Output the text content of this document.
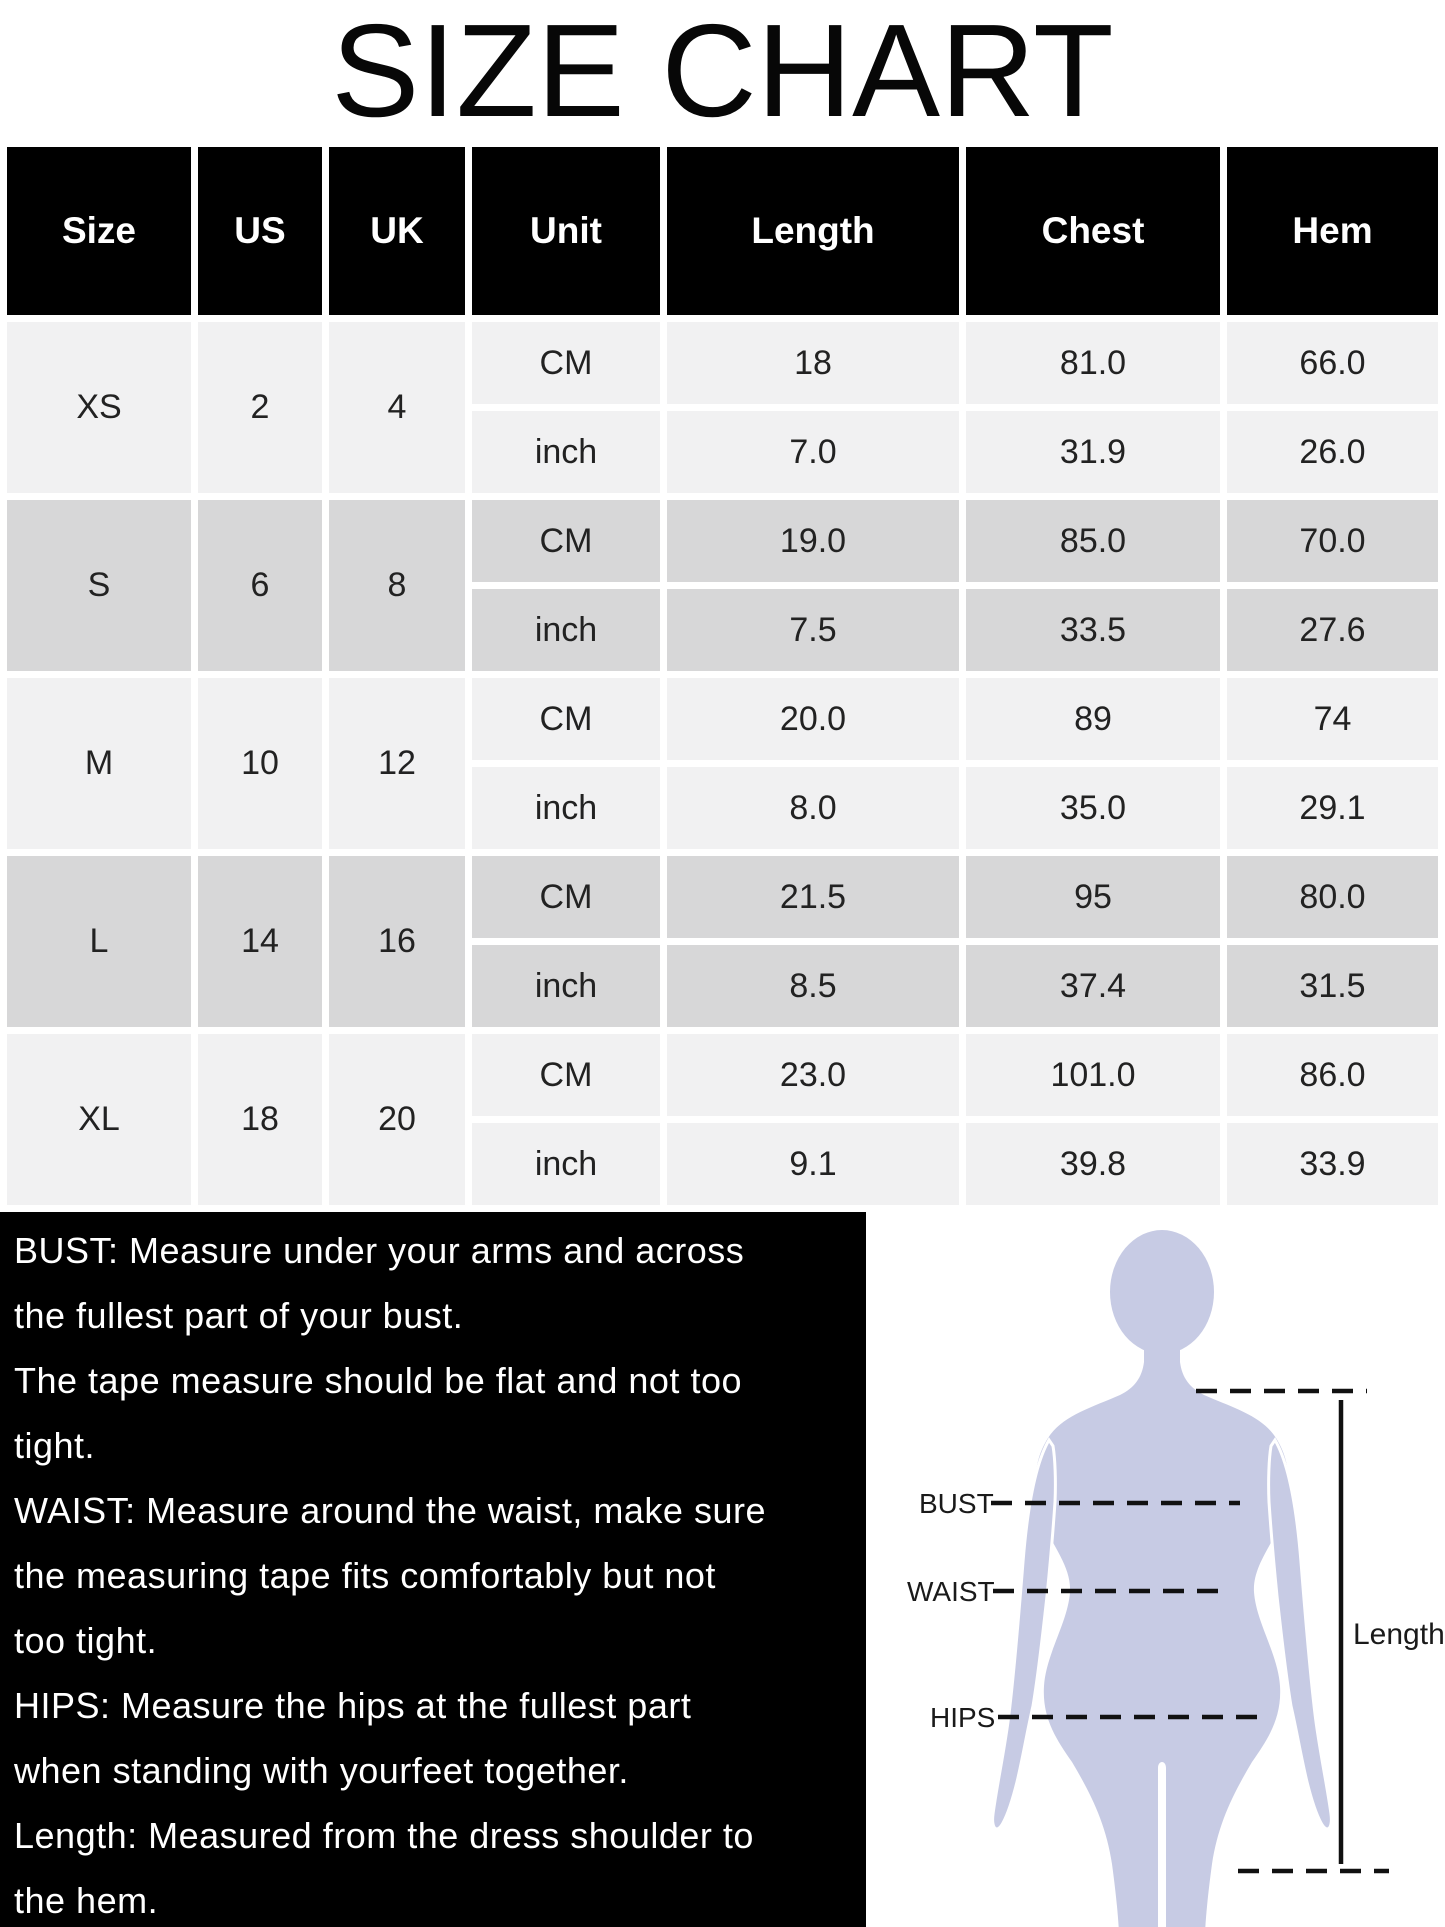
SIZE CHART
Size	US	UK	Unit	Length	Chest	Hem
XS	2	4	CM	18	81.0	66.0
			inch	7.0	31.9	26.0
S	6	8	CM	19.0	85.0	70.0
			inch	7.5	33.5	27.6
M	10	12	CM	20.0	89	74
			inch	8.0	35.0	29.1
L	14	16	CM	21.5	95	80.0
			inch	8.5	37.4	31.5
XL	18	20	CM	23.0	101.0	86.0
			inch	9.1	39.8	33.9
BUST: Measure under your arms and across
the fullest part of your bust.
The tape measure should be flat and not too
tight.
WAIST: Measure around the waist, make sure
the measuring tape fits comfortably but not
too tight.
HIPS: Measure the hips at the fullest part
when standing with yourfeet together.
Length: Measured from the dress shoulder to
the hem.
BUST
WAIST
HIPS
Length
